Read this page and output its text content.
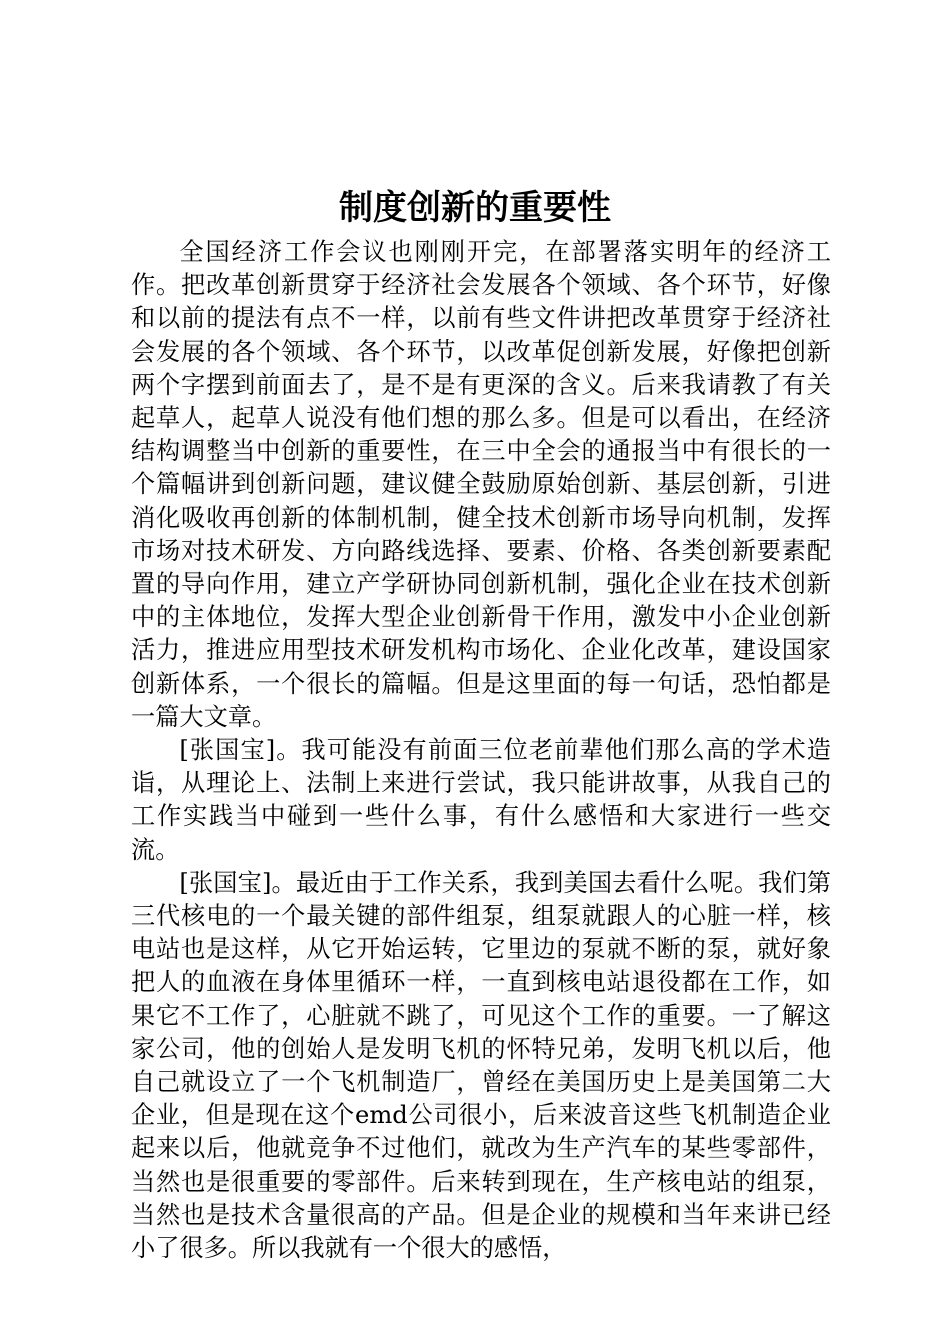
制度创新的重要性

全国经济工作会议也刚刚开完，在部署落实明年的经济工作。把改革创新贯穿于经济社会发展各个领域、各个环节，好像和以前的提法有点不一样，以前有些文件讲把改革贯穿于经济社会发展的各个领域、各个环节，以改革促创新发展，好像把创新两个字摆到前面去了，是不是有更深的含义。后来我请教了有关起草人，起草人说没有他们想的那么多。但是可以看出，在经济结构调整当中创新的重要性，在三中全会的通报当中有很长的一个篇幅讲到创新问题，建议健全鼓励原始创新、基层创新，引进消化吸收再创新的体制机制，健全技术创新市场导向机制，发挥市场对技术研发、方向路线选择、要素、价格、各类创新要素配置的导向作用，建立产学研协同创新机制，强化企业在技术创新中的主体地位，发挥大型企业创新骨干作用，激发中小企业创新活力，推进应用型技术研发机构市场化、企业化改革，建设国家创新体系，一个很长的篇幅。但是这里面的每一句话，恐怕都是一篇大文章。

[张国宝]。我可能没有前面三位老前辈他们那么高的学术造诣，从理论上、法制上来进行尝试，我只能讲故事，从我自己的工作实践当中碰到一些什么事，有什么感悟和大家进行一些交流。

[张国宝]。最近由于工作关系，我到美国去看什么呢。我们第三代核电的一个最关键的部件组泵，组泵就跟人的心脏一样，核电站也是这样，从它开始运转，它里边的泵就不断的泵，就好象把人的血液在身体里循环一样，一直到核电站退役都在工作，如果它不工作了，心脏就不跳了，可见这个工作的重要。一了解这家公司，他的创始人是发明飞机的怀特兄弟，发明飞机以后，他自己就设立了一个飞机制造厂，曾经在美国历史上是美国第二大企业，但是现在这个emd公司很小，后来波音这些飞机制造企业起来以后，他就竞争不过他们，就改为生产汽车的某些零部件，当然也是很重要的零部件。后来转到现在，生产核电站的组泵，当然也是技术含量很高的产品。但是企业的规模和当年来讲已经小了很多。所以我就有一个很大的感悟，
